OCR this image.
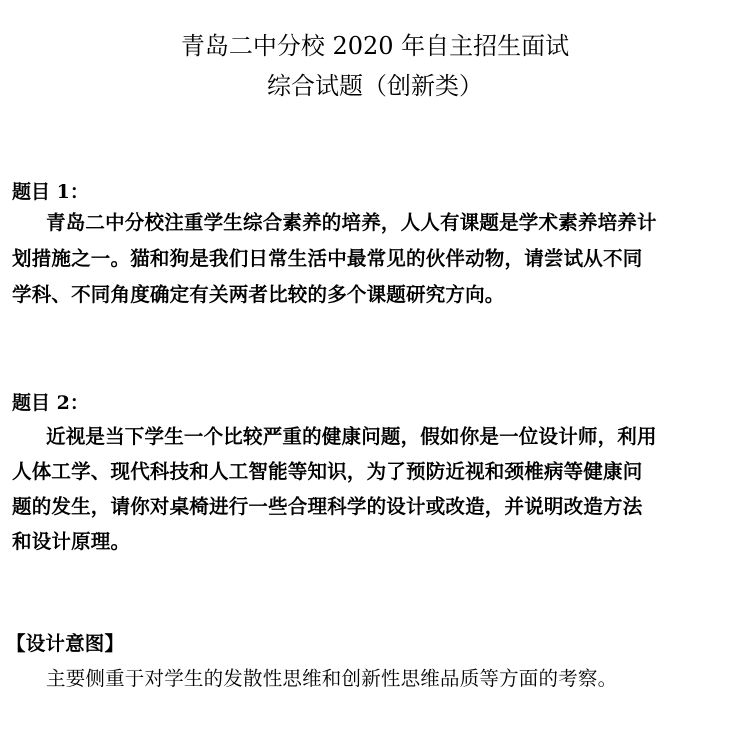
青岛二中分校 2020 年自主招生面试
综合试题（创新类）
题目 1：
青岛二中分校注重学生综合素养的培养，人人有课题是学术素养培养计
划措施之一。猫和狗是我们日常生活中最常见的伙伴动物，请尝试从不同
学科、不同角度确定有关两者比较的多个课题研究方向。
题目 2：
近视是当下学生一个比较严重的健康问题，假如你是一位设计师，利用
人体工学、现代科技和人工智能等知识，为了预防近视和颈椎病等健康问
题的发生，请你对桌椅进行一些合理科学的设计或改造，并说明改造方法
和设计原理。
【设计意图】
主要侧重于对学生的发散性思维和创新性思维品质等方面的考察。
